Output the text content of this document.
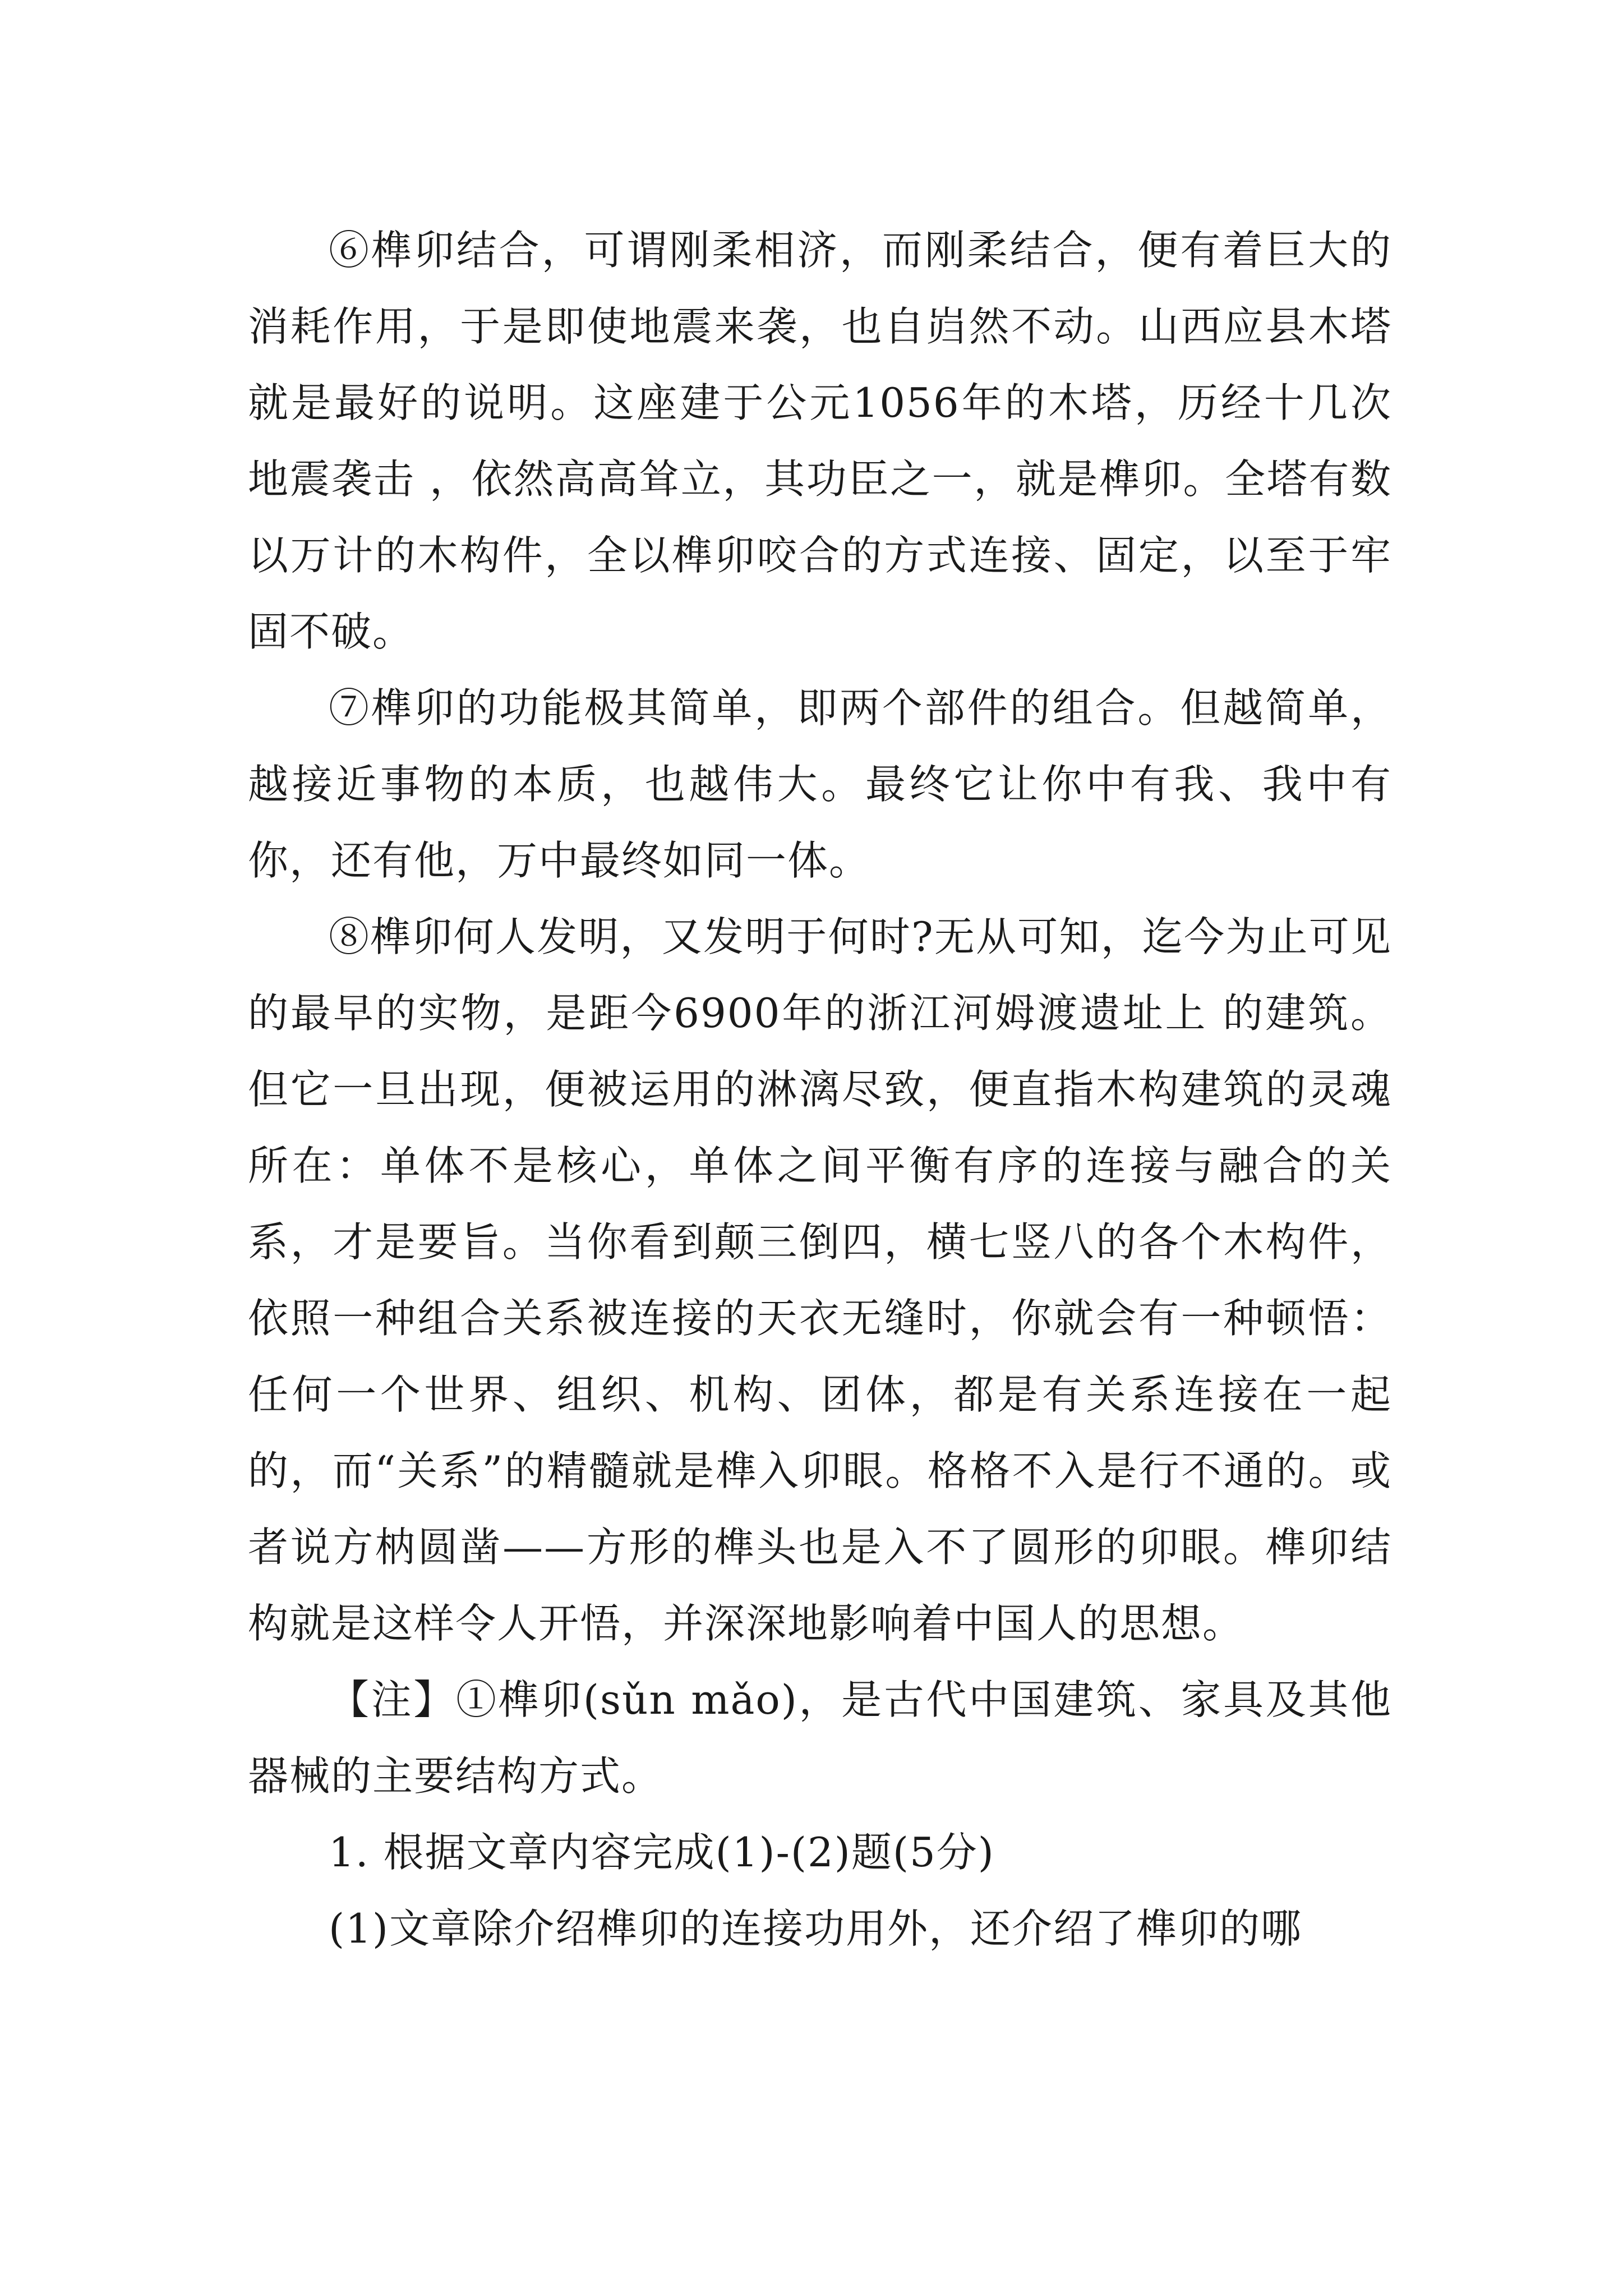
⑥榫卯结合，可谓刚柔相济，而刚柔结合，便有着巨大的消耗作用，于是即使地震来袭，也自岿然不动。山西应县木塔就是最好的说明。这座建于公元1056年的木塔，历经十几次地震袭击 ，依然高高耸立，其功臣之一，就是榫卯。全塔有数以万计的木构件，全以榫卯咬合的方式连接、固定，以至于牢固不破。

⑦榫卯的功能极其简单，即两个部件的组合。但越简单，越接近事物的本质，也越伟大。最终它让你中有我、我中有你，还有他，万中最终如同一体。

⑧榫卯何人发明，又发明于何时?无从可知，迄今为止可见的最早的实物，是距今6900年的浙江河姆渡遗址上 的建筑。但它一旦出现，便被运用的淋漓尽致，便直指木构建筑的灵魂所在：单体不是核心，单体之间平衡有序的连接与融合的关系，才是要旨。当你看到颠三倒四，横七竖八的各个木构件，依照一种组合关系被连接的天衣无缝时，你就会有一种顿悟：任何一个世界、组织、机构、团体，都是有关系连接在一起的，而“关系”的精髓就是榫入卯眼。格格不入是行不通的。或者说方枘圆凿——方形的榫头也是入不了圆形的卯眼。榫卯结构就是这样令人开悟，并深深地影响着中国人的思想。

【注】①榫卯(sǔn mǎo)，是古代中国建筑、家具及其他器械的主要结构方式。

1. 根据文章内容完成(1)-(2)题(5分)

(1)文章除介绍榫卯的连接功用外，还介绍了榫卯的哪
